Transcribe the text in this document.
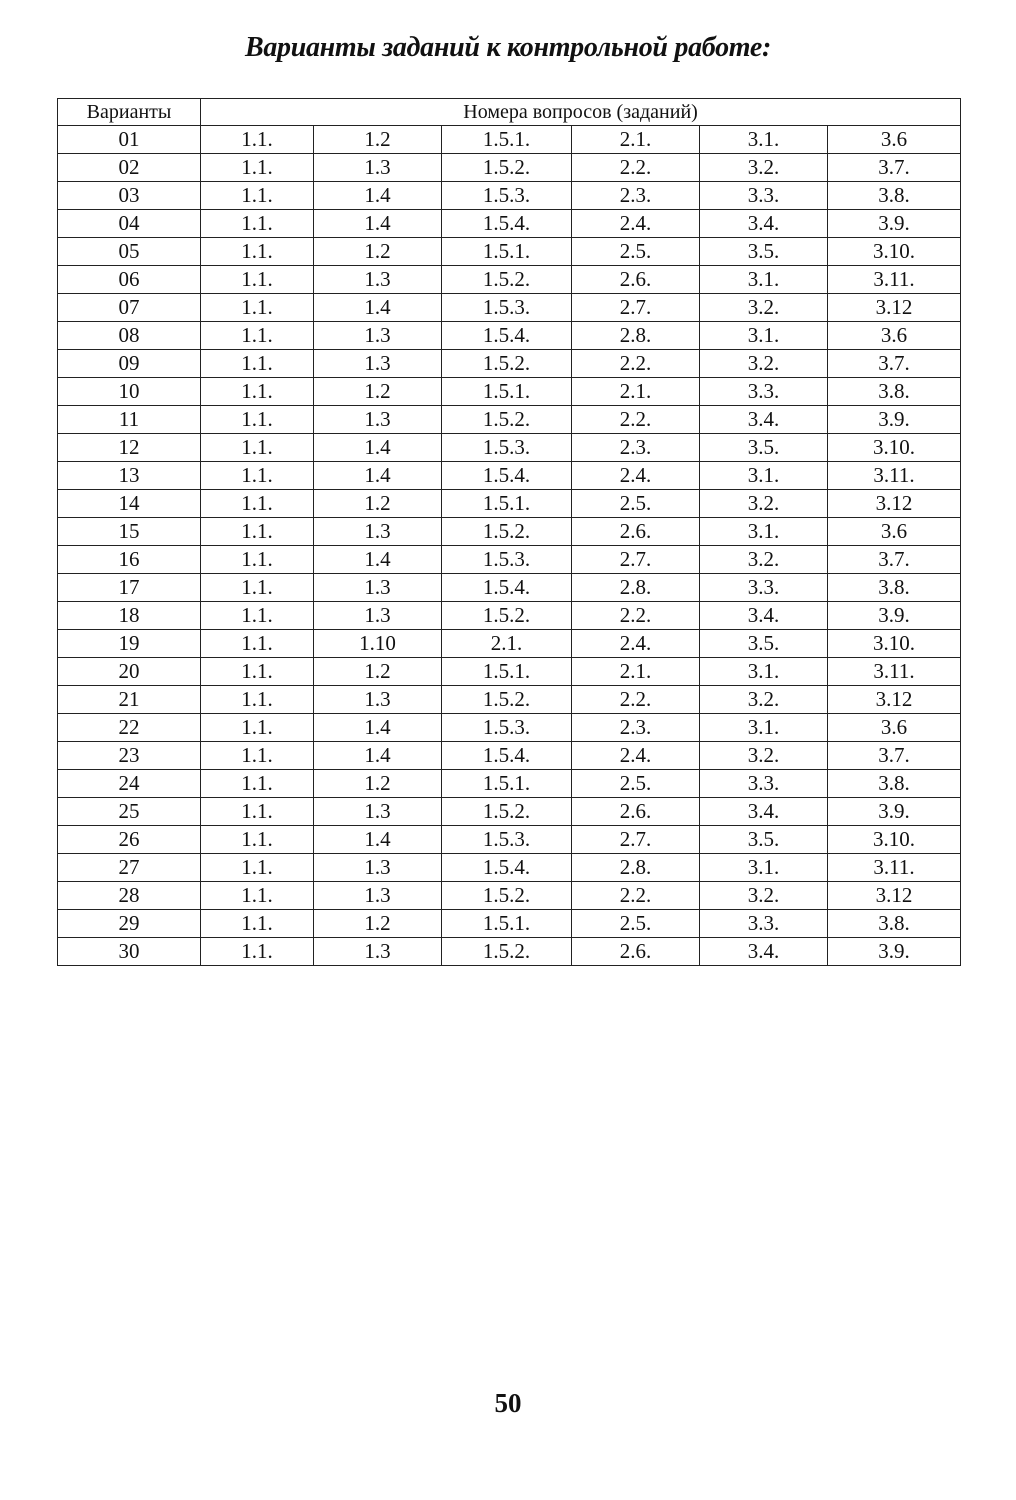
Варианты заданий к контрольной работе:
Варианты	Номера вопросов (заданий)					
01	1.1.	1.2	1.5.1.	2.1.	3.1.	3.6
02	1.1.	1.3	1.5.2.	2.2.	3.2.	3.7.
03	1.1.	1.4	1.5.3.	2.3.	3.3.	3.8.
04	1.1.	1.4	1.5.4.	2.4.	3.4.	3.9.
05	1.1.	1.2	1.5.1.	2.5.	3.5.	3.10.
06	1.1.	1.3	1.5.2.	2.6.	3.1.	3.11.
07	1.1.	1.4	1.5.3.	2.7.	3.2.	3.12
08	1.1.	1.3	1.5.4.	2.8.	3.1.	3.6
09	1.1.	1.3	1.5.2.	2.2.	3.2.	3.7.
10	1.1.	1.2	1.5.1.	2.1.	3.3.	3.8.
11	1.1.	1.3	1.5.2.	2.2.	3.4.	3.9.
12	1.1.	1.4	1.5.3.	2.3.	3.5.	3.10.
13	1.1.	1.4	1.5.4.	2.4.	3.1.	3.11.
14	1.1.	1.2	1.5.1.	2.5.	3.2.	3.12
15	1.1.	1.3	1.5.2.	2.6.	3.1.	3.6
16	1.1.	1.4	1.5.3.	2.7.	3.2.	3.7.
17	1.1.	1.3	1.5.4.	2.8.	3.3.	3.8.
18	1.1.	1.3	1.5.2.	2.2.	3.4.	3.9.
19	1.1.	1.10	2.1.	2.4.	3.5.	3.10.
20	1.1.	1.2	1.5.1.	2.1.	3.1.	3.11.
21	1.1.	1.3	1.5.2.	2.2.	3.2.	3.12
22	1.1.	1.4	1.5.3.	2.3.	3.1.	3.6
23	1.1.	1.4	1.5.4.	2.4.	3.2.	3.7.
24	1.1.	1.2	1.5.1.	2.5.	3.3.	3.8.
25	1.1.	1.3	1.5.2.	2.6.	3.4.	3.9.
26	1.1.	1.4	1.5.3.	2.7.	3.5.	3.10.
27	1.1.	1.3	1.5.4.	2.8.	3.1.	3.11.
28	1.1.	1.3	1.5.2.	2.2.	3.2.	3.12
29	1.1.	1.2	1.5.1.	2.5.	3.3.	3.8.
30	1.1.	1.3	1.5.2.	2.6.	3.4.	3.9.
50
